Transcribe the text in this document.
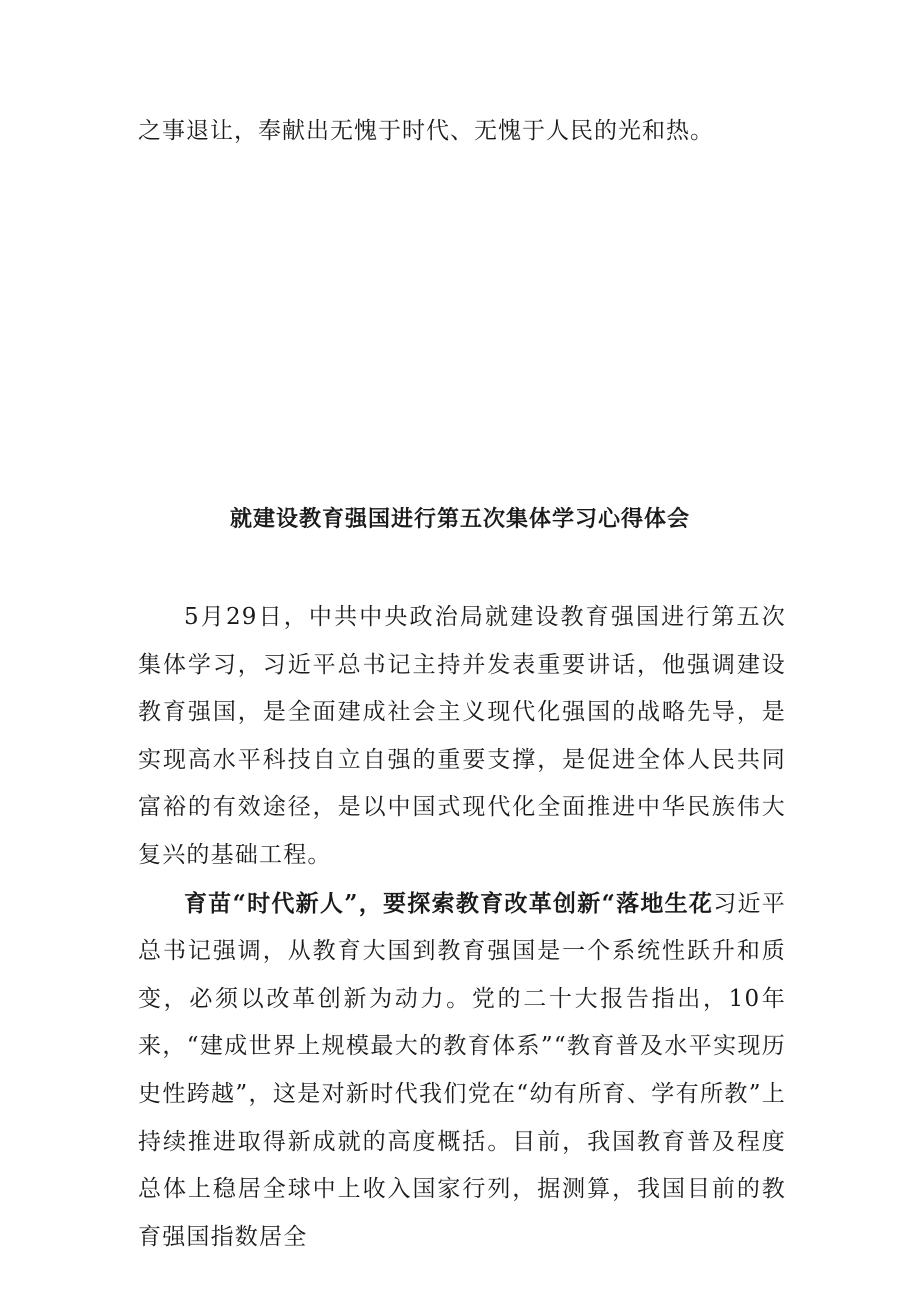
之事退让，奉献出无愧于时代、无愧于人民的光和热。

就建设教育强国进行第五次集体学习心得体会

5月29日，中共中央政治局就建设教育强国进行第五次集体学习，习近平总书记主持并发表重要讲话，他强调建设教育强国，是全面建成社会主义现代化强国的战略先导，是实现高水平科技自立自强的重要支撑，是促进全体人民共同富裕的有效途径，是以中国式现代化全面推进中华民族伟大复兴的基础工程。

育苗“时代新人”，要探索教育改革创新“落地生花习近平总书记强调，从教育大国到教育强国是一个系统性跃升和质变，必须以改革创新为动力。党的二十大报告指出，10年来，“建成世界上规模最大的教育体系”“教育普及水平实现历史性跨越”，这是对新时代我们党在“幼有所育、学有所教”上持续推进取得新成就的高度概括。目前，我国教育普及程度总体上稳居全球中上收入国家行列，据测算，我国目前的教育强国指数居全
